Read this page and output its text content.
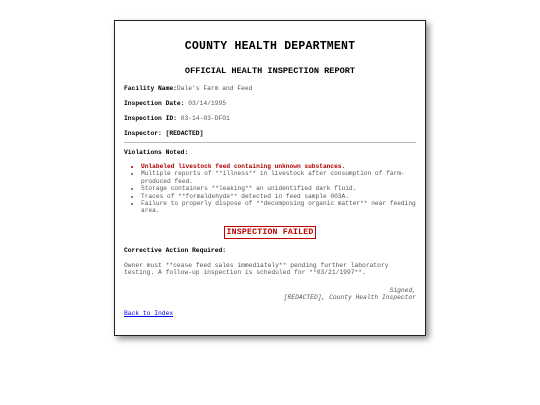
COUNTY HEALTH DEPARTMENT
OFFICIAL HEALTH INSPECTION REPORT
Facility Name:Dale's Farm and Feed
Inspection Date: 03/14/1995
Inspection ID: 03-14-03-DF01
Inspector: [REDACTED]
Violations Noted:
• Unlabeled livestock feed containing unknown substances.
• Multiple reports of **illness** in livestock after consumption of farm-produced feed.
• Storage containers **leaking** an unidentified dark fluid.
• Traces of **formaldehyde** detected in feed sample 003A.
• Failure to properly dispose of **decomposing organic matter** near feeding area.
INSPECTION FAILED
Corrective Action Required:
Owner must **cease feed sales immediately** pending further laboratory testing. A follow-up inspection is scheduled for **03/21/1997**.
Signed,
[REDACTED], County Health Inspector
Back to Index
